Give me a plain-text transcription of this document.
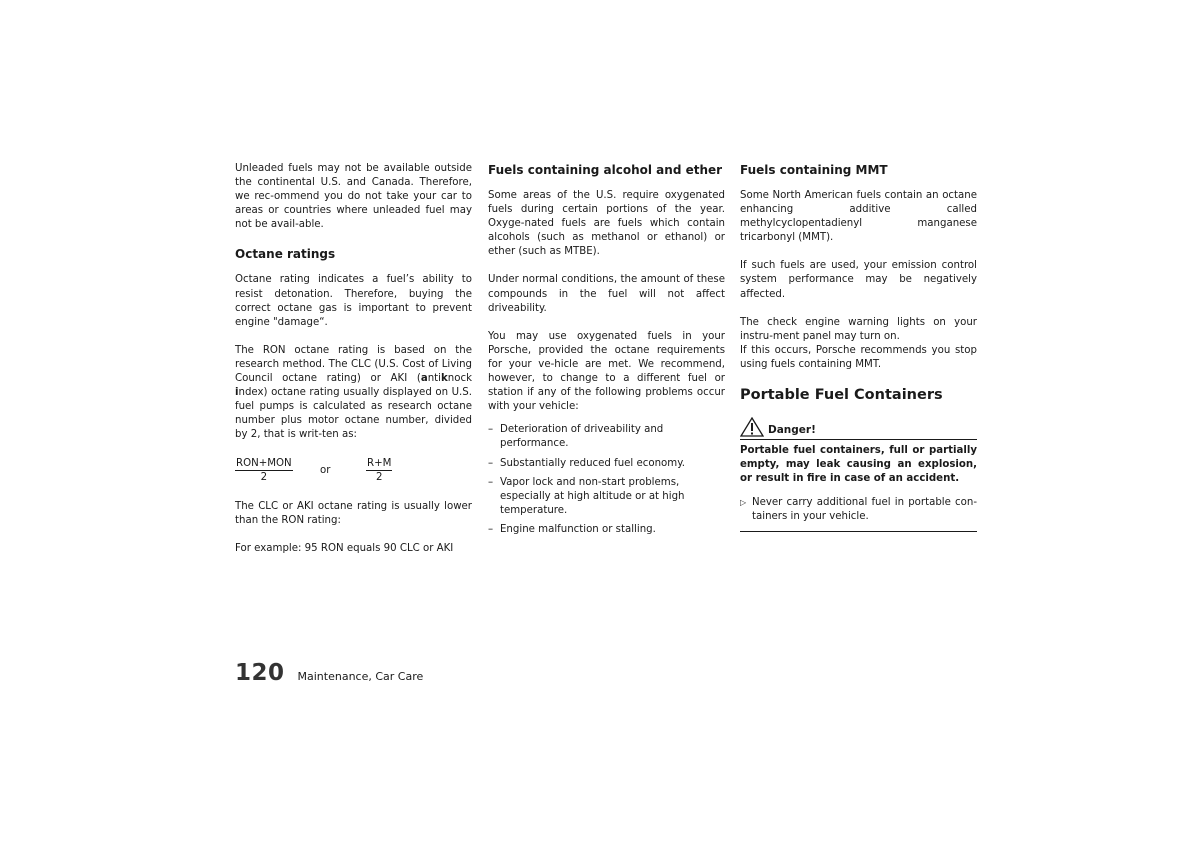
Unleaded fuels may not be available outside the continental U.S. and Canada. Therefore, we rec-ommend you do not take your car to areas or countries where unleaded fuel may not be avail-able.

Octane ratings

Octane rating indicates a fuel’s ability to resist detonation. Therefore, buying the correct octane gas is important to prevent engine "damage“.

The RON octane rating is based on the research method. The CLC (U.S. Cost of Living Council octane rating) or AKI (antiknock index) octane rating usually displayed on U.S. fuel pumps is calculated as research octane number plus motor octane number, divided by 2, that is writ-ten as:

RON+MON
2
or	$\frac{R+M}{2}$

The CLC or AKI octane rating is usually lower than the RON rating:

For example: 95 RON equals 90 CLC or AKI

Fuels containing alcohol and ether

Some areas of the U.S. require oxygenated fuels during certain portions of the year. Oxyge-nated fuels are fuels which contain alcohols (such as methanol or ethanol) or ether (such as MTBE).

Under normal conditions, the amount of these compounds in the fuel will not affect driveability.

You may use oxygenated fuels in your Porsche, provided the octane requirements for your ve-hicle are met. We recommend, however, to change to a different fuel or station if any of the following problems occur with your vehicle:

– Deterioration of driveability and performance.
– Substantially reduced fuel economy.
– Vapor lock and non-start problems, especially at high altitude or at high temperature.
– Engine malfunction or stalling.
Fuels containing MMT

Some North American fuels contain an octane enhancing additive called methylcyclopentadienyl manganese tricarbonyl (MMT).

If such fuels are used, your emission control system performance may be negatively affected.

The check engine warning lights on your instru-ment panel may turn on.

If this occurs, Porsche recommends you stop using fuels containing MMT.

Portable Fuel Containers
Danger!

Portable fuel containers, full or partially empty, may leak causing an explosion, or result in fire in case of an accident.

▷ Never carry additional fuel in portable con-tainers in your vehicle.
120 Maintenance, Car Care
